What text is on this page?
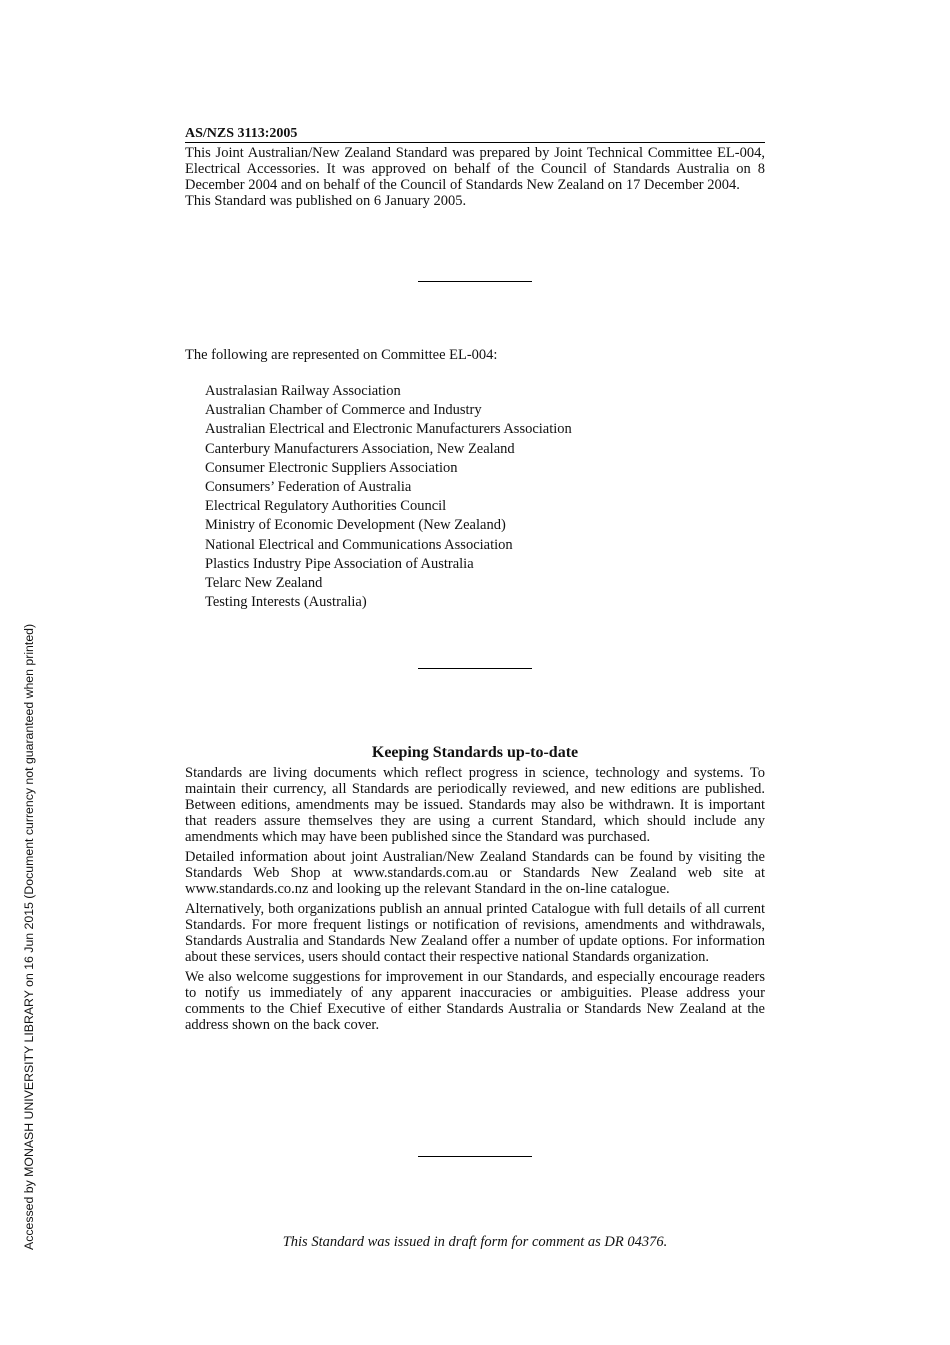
AS/NZS 3113:2005

This Joint Australian/New Zealand Standard was prepared by Joint Technical Committee EL-004, Electrical Accessories. It was approved on behalf of the Council of Standards Australia on 8 December 2004 and on behalf of the Council of Standards New Zealand on 17 December 2004.

This Standard was published on 6 January 2005.

The following are represented on Committee EL-004:

Australasian Railway Association
Australian Chamber of Commerce and Industry
Australian Electrical and Electronic Manufacturers Association
Canterbury Manufacturers Association, New Zealand
Consumer Electronic Suppliers Association
Consumers’ Federation of Australia
Electrical Regulatory Authorities Council
Ministry of Economic Development (New Zealand)
National Electrical and Communications Association
Plastics Industry Pipe Association of Australia
Telarc New Zealand
Testing Interests (Australia)
Keeping Standards up-to-date

Standards are living documents which reflect progress in science, technology and systems. To maintain their currency, all Standards are periodically reviewed, and new editions are published. Between editions, amendments may be issued. Standards may also be withdrawn. It is important that readers assure themselves they are using a current Standard, which should include any amendments which may have been published since the Standard was purchased.

Detailed information about joint Australian/New Zealand Standards can be found by visiting the Standards Web Shop at www.standards.com.au or Standards New Zealand web site at www.standards.co.nz and looking up the relevant Standard in the on-line catalogue.

Alternatively, both organizations publish an annual printed Catalogue with full details of all current Standards. For more frequent listings or notification of revisions, amendments and withdrawals, Standards Australia and Standards New Zealand offer a number of update options. For information about these services, users should contact their respective national Standards organization.

We also welcome suggestions for improvement in our Standards, and especially encourage readers to notify us immediately of any apparent inaccuracies or ambiguities. Please address your comments to the Chief Executive of either Standards Australia or Standards New Zealand at the address shown on the back cover.

This Standard was issued in draft form for comment as DR 04376.
Accessed by MONASH UNIVERSITY LIBRARY on 16 Jun 2015 (Document currency not guaranteed when printed)
